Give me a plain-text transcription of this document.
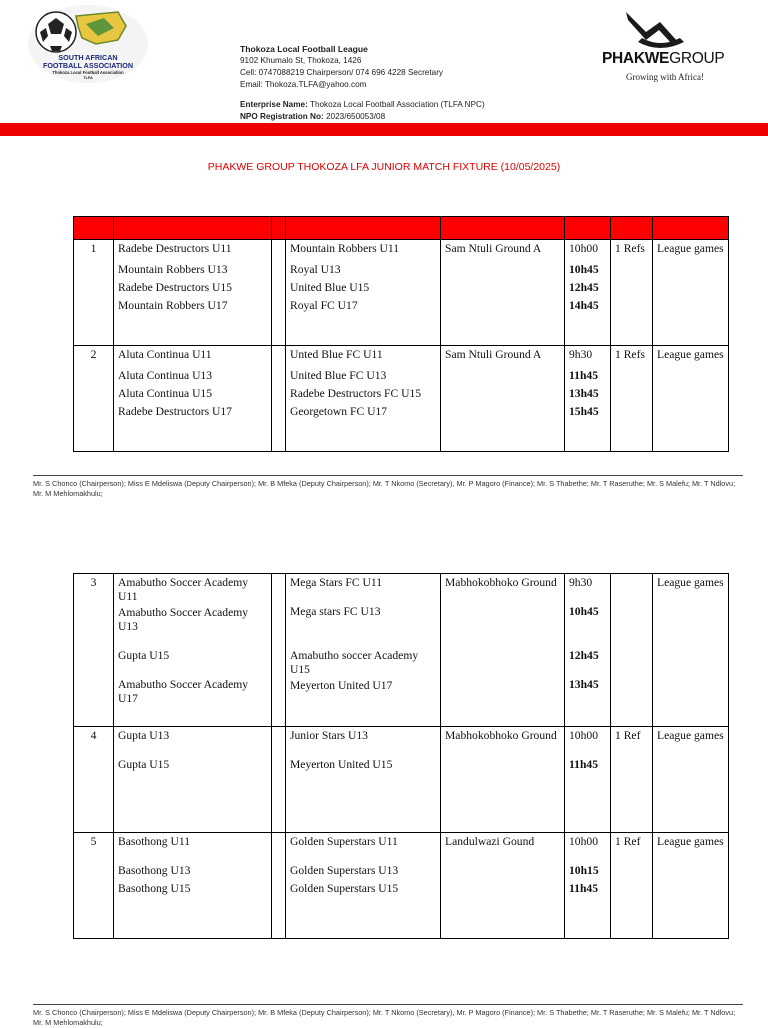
SOUTH AFRICAN
FOOTBALL ASSOCIATION
Thokoza Local Football Association
TLFA
Thokoza Local Football League
9102 Khumalo St, Thokoza, 1426
Cell: 0747088219 Chairperson/ 074 696 4228 Secretary
Email: Thokoza.TLFA@yahoo.com
Enterprise Name: Thokoza Local Football Association (TLFA NPC)
NPO Registration No: 2023/650053/08
PHAKWEGROUP
Growing with Africa!
PHAKWE GROUP THOKOZA LFA JUNIOR MATCH FIXTURE (10/05/2025)

1	Radebe Destructors U11
Mountain Robbers U13
Radebe Destructors U15
Mountain Robbers U17		Mountain Robbers U11
Royal U13
United Blue U15
Royal FC U17	Sam Ntuli Ground A	10h00
10h45
12h45
14h45	1 Refs	League games
2	Aluta Continua U11
Aluta Continua U13
Aluta Continua U15
Radebe Destructors U17		Unted Blue FC U11
United Blue FC U13
Radebe Destructors FC U15
Georgetown FC U17	Sam Ntuli Ground A	9h30
11h45
13h45
15h45	1 Refs	League games
Mr. S Chonco (Chairperson); Miss E Mdeliswa (Deputy Chairperson); Mr. B Mfeka (Deputy Chairperson); Mr. T Nkomo (Secretary), Mr. P Magoro (Finance); Mr. S Thabethe; Mr. T Raseruthe; Mr. S Malefu; Mr. T Ndlovu; Mr. M Mehlomakhulu;
3	Amabutho Soccer Academy U11
Amabutho Soccer Academy U13
Gupta U15
Amabutho Soccer Academy U17		Mega Stars FC U11
Mega stars FC U13
Amabutho soccer Academy U15
Meyerton United U17	Mabhokobhoko Ground	9h30
10h45
12h45
13h45		League games
4	Gupta U13
Gupta U15		Junior Stars U13
Meyerton United U15	Mabhokobhoko Ground	10h00
11h45	1 Ref	League games
5	Basothong U11
Basothong U13
Basothong U15		Golden Superstars U11
Golden Superstars U13
Golden Superstars U15	Landulwazi Gound	10h00
10h15
11h45	1 Ref	League games
Mr. S Chonco (Chairperson); Miss E Mdeliswa (Deputy Chairperson); Mr. B Mfeka (Deputy Chairperson); Mr. T Nkomo (Secretary), Mr. P Magoro (Finance); Mr. S Thabethe; Mr. T Raseruthe; Mr. S Malefu; Mr. T Ndlovu; Mr. M Mehlomakhulu;
